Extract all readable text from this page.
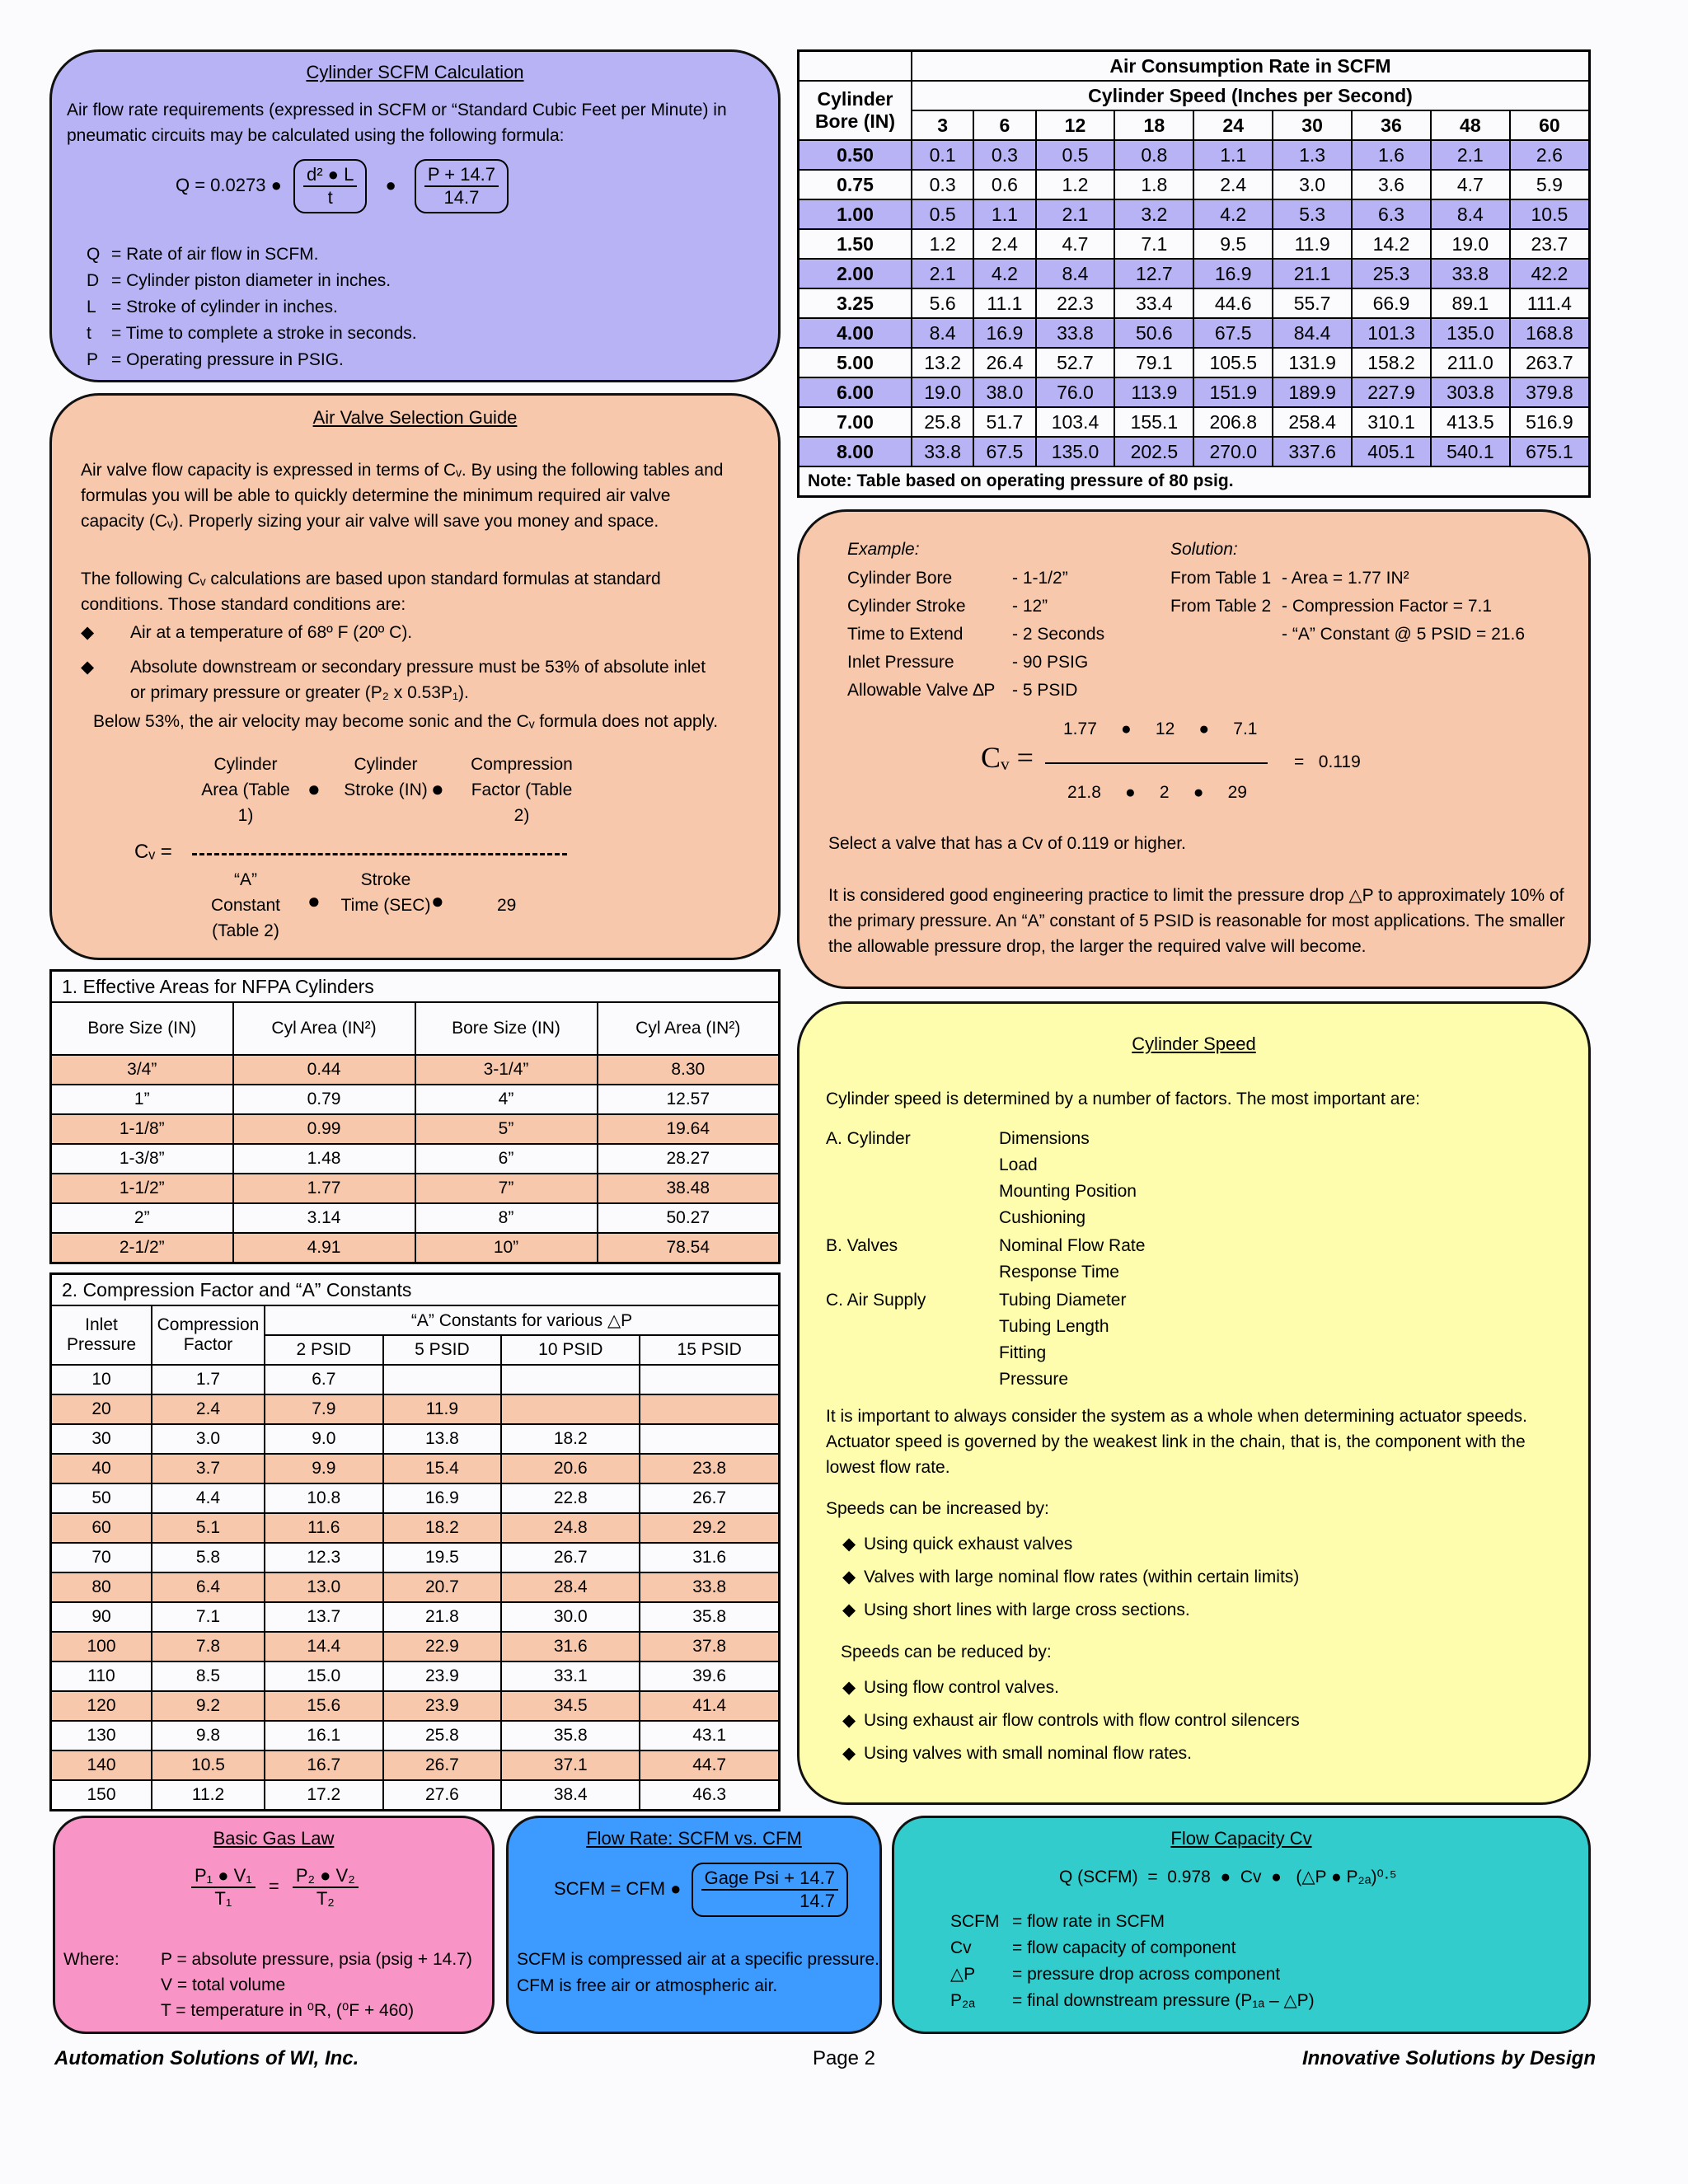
Cylinder SCFM Calculation
Air flow rate requirements (expressed in SCFM or “Standard Cubic Feet per Minute) in pneumatic circuits may be calculated using the following formula:
Q = 0.0273 ● $\frac{\text{d² ● L}}{t}$ ● $\frac{P + 14.7}{14.7}$
Q = Rate of air flow in SCFM.
D = Cylinder piston diameter in inches.
L = Stroke of cylinder in inches.
t	= Time to complete a stroke in seconds.
P = Operating pressure in PSIG.
Air Valve Selection Guide
Air valve flow capacity is expressed in terms of Cᵥ. By using the following tables and formulas you will be able to quickly determine the minimum required air valve capacity (Cᵥ). Properly sizing your air valve will save you money and space.
The following Cᵥ calculations are based upon standard formulas at standard conditions. Those standard conditions are:
◆	Air at a temperature of 68º F (20º C).
◆	Absolute downstream or secondary pressure must be 53% of absolute inlet or primary pressure or greater (P₂ x 0.53P₁).
Below 53%, the air velocity may become sonic and the Cᵥ formula does not apply.
Cylinder Area (Table 1)
●
Cylinder Stroke (IN) ●
Compression Factor (Table 2)
Cᵥ =
“A” Constant (Table 2)
●
Stroke Time (SEC) ●	29
	Air Consumption Rate in SCFM								
Cylinder Bore (IN)	Cylinder Speed (Inches per Second)								
	3	6	12	18	24	30	36	48	60
0.50	0.1	0.3	0.5	0.8	1.1	1.3	1.6	2.1	2.6
0.75	0.3	0.6	1.2	1.8	2.4	3.0	3.6	4.7	5.9
1.00	0.5	1.1	2.1	3.2	4.2	5.3	6.3	8.4	10.5
1.50	1.2	2.4	4.7	7.1	9.5	11.9	14.2	19.0	23.7
2.00	2.1	4.2	8.4	12.7	16.9	21.1	25.3	33.8	42.2
3.25	5.6	11.1	22.3	33.4	44.6	55.7	66.9	89.1	111.4
4.00	8.4	16.9	33.8	50.6	67.5	84.4	101.3	135.0	168.8
5.00	13.2	26.4	52.7	79.1	105.5	131.9	158.2	211.0	263.7
6.00	19.0	38.0	76.0	113.9	151.9	189.9	227.9	303.8	379.8
7.00	25.8	51.7	103.4	155.1	206.8	258.4	310.1	413.5	516.9
8.00	33.8	67.5	135.0	202.5	270.0	337.6	405.1	540.1	675.1
Note: Table based on operating pressure of 80 psig.									
Example:	Solution:
Cylinder Bore	- 1-1/2”
Cylinder Stroke	- 12”
Time to Extend	- 2 Seconds
Inlet Pressure	- 90 PSIG
Allowable Valve ∆P - 5 PSID
From Table 1 - Area = 1.77 IN²
From Table 2 - Compression Factor = 7.1
- “A” Constant @ 5 PSID = 21.6
1.77     ●     12     ●     7.1
Cᵥ =
21.8     ●     2     ●     29
=   0.119
Select a valve that has a Cv of 0.119 or higher.
It is considered good engineering practice to limit the pressure drop △P to approximately 10% of the primary pressure. An “A” constant of 5 PSID is reasonable for most applications. The smaller the allowable pressure drop, the larger the required valve will become.
1. Effective Areas for NFPA Cylinders			
Bore Size (IN)	Cyl Area (IN²)	Bore Size (IN)	Cyl Area (IN²)
3/4”	0.44	3-1/4”	8.30
1”	0.79	4”	12.57
1-1/8”	0.99	5”	19.64
1-3/8”	1.48	6”	28.27
1-1/2”	1.77	7”	38.48
2”	3.14	8”	50.27
2-1/2”	4.91	10”	78.54
2. Compression Factor and “A” Constants					
Inlet Pressure	Compression Factor	“A” Constants for various △P			
		2 PSID	5 PSID	10 PSID	15 PSID
10	1.7	6.7			
20	2.4	7.9	11.9		
30	3.0	9.0	13.8	18.2	
40	3.7	9.9	15.4	20.6	23.8
50	4.4	10.8	16.9	22.8	26.7
60	5.1	11.6	18.2	24.8	29.2
70	5.8	12.3	19.5	26.7	31.6
80	6.4	13.0	20.7	28.4	33.8
90	7.1	13.7	21.8	30.0	35.8
100	7.8	14.4	22.9	31.6	37.8
110	8.5	15.0	23.9	33.1	39.6
120	9.2	15.6	23.9	34.5	41.4
130	9.8	16.1	25.8	35.8	43.1
140	10.5	16.7	26.7	37.1	44.7
150	11.2	17.2	27.6	38.4	46.3
Cylinder Speed
Cylinder speed is determined by a number of factors. The most important are:
A. Cylinder	Dimensions
Load
Mounting Position
Cushioning
B. Valves	Nominal Flow Rate
Response Time
C. Air Supply	Tubing Diameter
Tubing Length
Fitting
Pressure
It is important to always consider the system as a whole when determining actuator speeds. Actuator speed is governed by the weakest link in the chain, that is, the component with the lowest flow rate.
Speeds can be increased by:
◆ Using quick exhaust valves
◆ Valves with large nominal flow rates (within certain limits)
◆ Using short lines with large cross sections.
Speeds can be reduced by:
◆ Using flow control valves.
◆ Using exhaust air flow controls with flow control silencers
◆ Using valves with small nominal flow rates.
Basic Gas Law
$\frac{\text{P₁ ● V₁}}{\text{T₁}} = \frac{\text{P₂ ● V₂}}{\text{T₂}}$
Where: P = absolute pressure, psia (psig + 14.7)
V = total volume
T = temperature in ⁰R, (⁰F + 460)
Flow Rate: SCFM vs. CFM
SCFM = CFM ● $\frac{\text{Gage Psi + 14.7}}{14.7}$
SCFM is compressed air at a specific pressure.
CFM is free air or atmospheric air.
Flow Capacity Cv
Q (SCFM)  =  0.978  ●  Cv  ●   (△P ● P₂ₐ)⁰·⁵
SCFM = flow rate in SCFM
Cv	= flow capacity of component
△P	= pressure drop across component
P₂ₐ	= final downstream pressure (P₁ₐ – △P)
Automation Solutions of WI, Inc.	Page 2	Innovative Solutions by Design
